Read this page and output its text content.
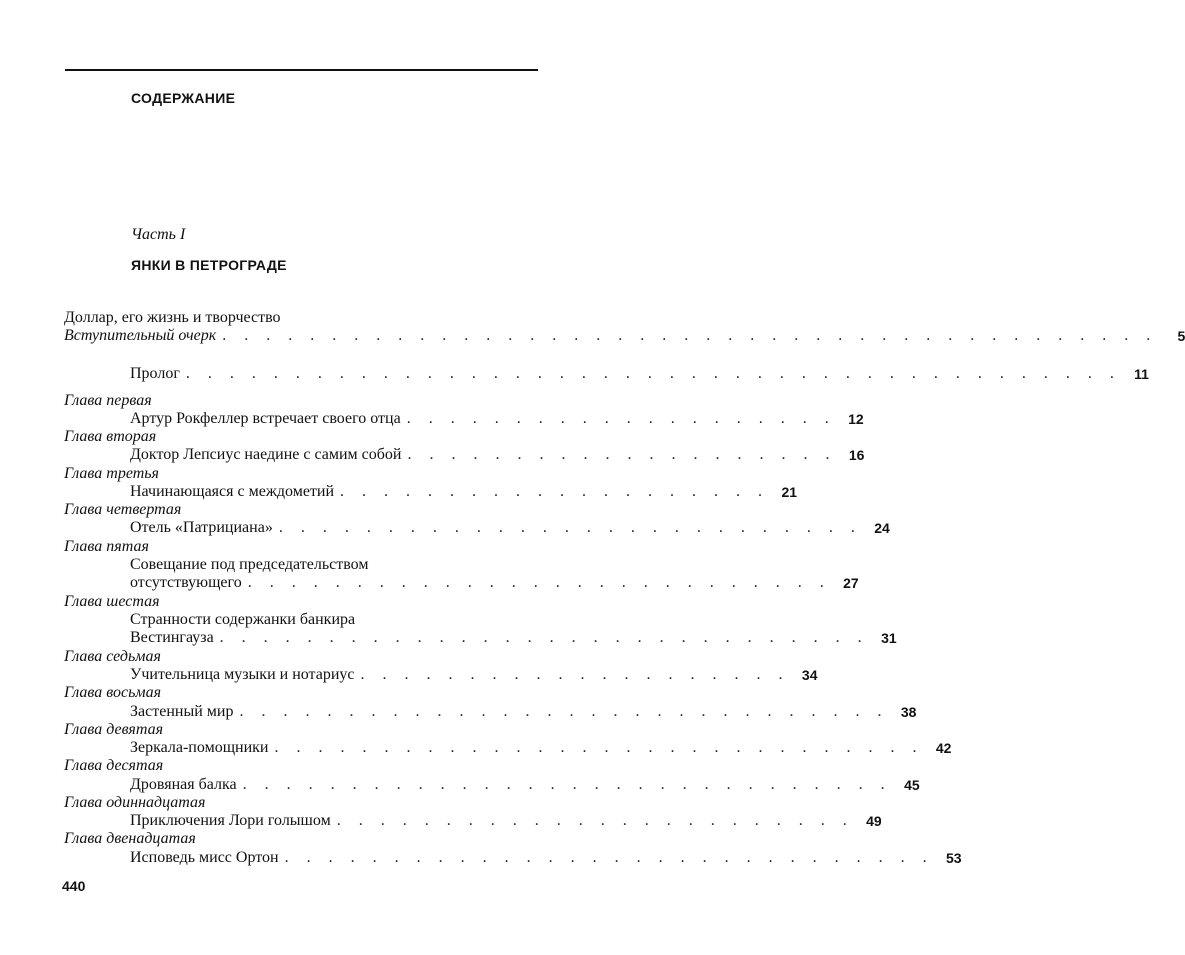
СОДЕРЖАНИЕ
Часть I
ЯНКИ В ПЕТРОГРАДЕ
Доллар, его жизнь и творчество
Вступительный очерк . . . . . . . . . . . . . . . . . . . . . . . . . . . . . . . . . . . . . . . . . . .	5
Пролог . . . . . . . . . . . . . . . . . . . . . . . . . . . . . . . . . . . . . . . . . . . 11
Глава первая
Артур Рокфеллер встречает своего отца . . . . . . . . . . . . . . . . . . . . 12
Глава вторая
Доктор Лепсиус наедине с самим собой . . . . . . . . . . . . . . . . . . . . 16
Глава третья
Начинающаяся с междометий . . . . . . . . . . . . . . . . . . . . 21
Глава четвертая
Отель «Патрициана» . . . . . . . . . . . . . . . . . . . . . . . . . . . 24
Глава пятая
Совещание под председательством
отсутствующего . . . . . . . . . . . . . . . . . . . . . . . . . . . 27
Глава шестая
Странности содержанки банкира
Вестингауза . . . . . . . . . . . . . . . . . . . . . . . . . . . . . . 31
Глава седьмая
Учительница музыки и нотариус . . . . . . . . . . . . . . . . . . . . 34
Глава восьмая
Застенный мир . . . . . . . . . . . . . . . . . . . . . . . . . . . . . . 38
Глава девятая
Зеркала-помощники . . . . . . . . . . . . . . . . . . . . . . . . . . . . . . 42
Глава десятая
Дровяная балка . . . . . . . . . . . . . . . . . . . . . . . . . . . . . . 45
Глава одиннадцатая
Приключения Лори голышом . . . . . . . . . . . . . . . . . . . . . . . . 49
Глава двенадцатая
Исповедь мисс Ортон . . . . . . . . . . . . . . . . . . . . . . . . . . . . . . 53
440
